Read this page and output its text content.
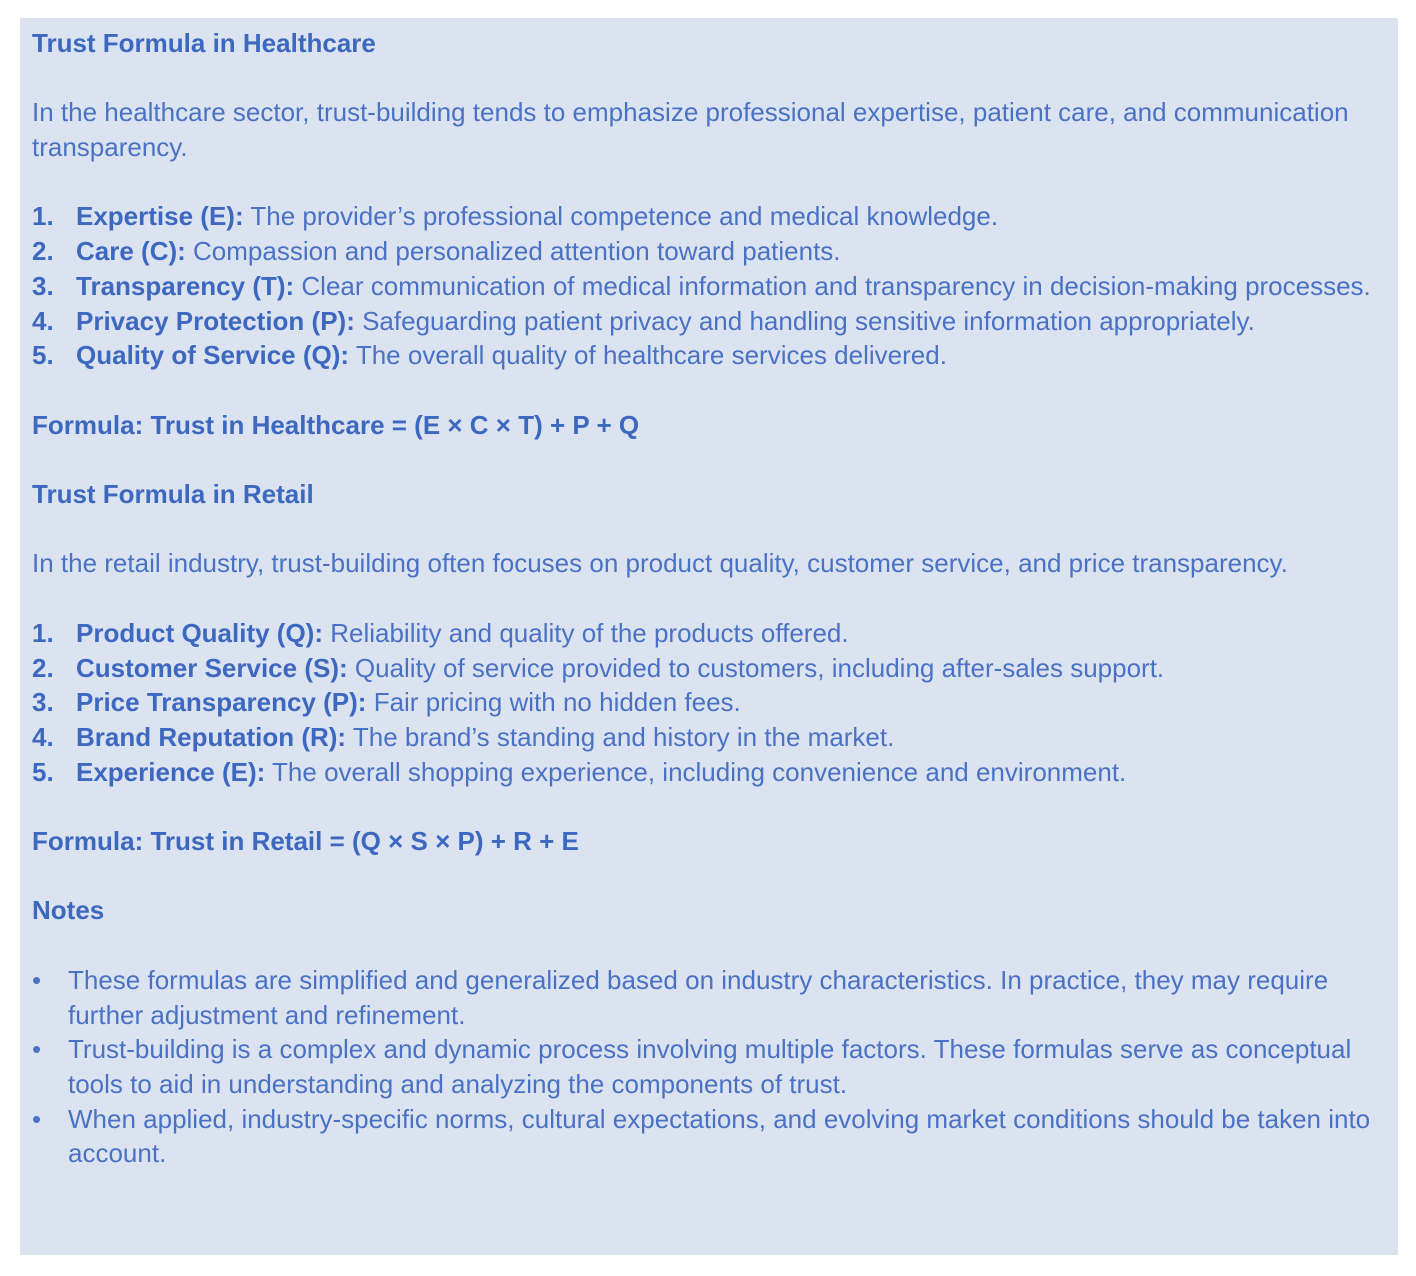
Trust Formula in Healthcare

In the healthcare sector, trust-building tends to emphasize professional expertise, patient care, and communication transparency.

1. Expertise (E): The provider’s professional competence and medical knowledge.
2. Care (C): Compassion and personalized attention toward patients.
3. Transparency (T): Clear communication of medical information and transparency in decision-making processes.
4. Privacy Protection (P): Safeguarding patient privacy and handling sensitive information appropriately.
5. Quality of Service (Q): The overall quality of healthcare services delivered.

Formula: Trust in Healthcare = (E × C × T) + P + Q

Trust Formula in Retail

In the retail industry, trust-building often focuses on product quality, customer service, and price transparency.

1. Product Quality (Q): Reliability and quality of the products offered.
2. Customer Service (S): Quality of service provided to customers, including after-sales support.
3. Price Transparency (P): Fair pricing with no hidden fees.
4. Brand Reputation (R): The brand’s standing and history in the market.
5. Experience (E): The overall shopping experience, including convenience and environment.

Formula: Trust in Retail = (Q × S × P) + R + E

Notes

• These formulas are simplified and generalized based on industry characteristics. In practice, they may require further adjustment and refinement.
• Trust-building is a complex and dynamic process involving multiple factors. These formulas serve as conceptual tools to aid in understanding and analyzing the components of trust.
• When applied, industry-specific norms, cultural expectations, and evolving market conditions should be taken into account.
